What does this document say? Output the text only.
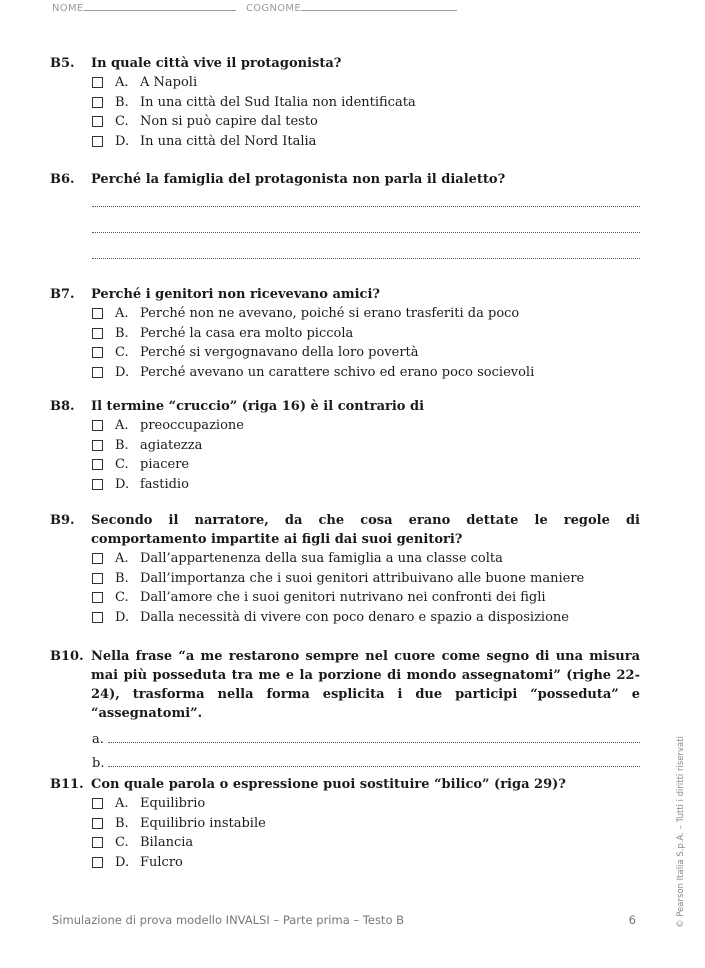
NOME	COGNOME
B5.	In quale città vive il protagonista?
A. A Napoli
B. In una città del Sud Italia non identificata
C. Non si può capire dal testo
D. In una città del Nord Italia
B6.	Perché la famiglia del protagonista non parla il dialetto?
B7.	Perché i genitori non ricevevano amici?
A. Perché non ne avevano, poiché si erano trasferiti da poco
B. Perché la casa era molto piccola
C. Perché si vergognavano della loro povertà
D. Perché avevano un carattere schivo ed erano poco socievoli
B8.	Il termine “cruccio” (riga 16) è il contrario di
A. preoccupazione
B. agiatezza
C. piacere
D. fastidio
B9.	Secondo il narratore, da che cosa erano dettate le regole di comportamento impartite ai figli dai suoi genitori?
A. Dall’appartenenza della sua famiglia a una classe colta
B. Dall’importanza che i suoi genitori attribuivano alle buone maniere
C. Dall’amore che i suoi genitori nutrivano nei confronti dei figli
D. Dalla necessità di vivere con poco denaro e spazio a disposizione
B10. Nella frase “a me restarono sempre nel cuore come segno di una misura mai più posseduta tra me e la porzione di mondo assegnatomi” (righe 22-24), trasforma nella forma esplicita i due participi “posseduta” e “assegnatomi”.
a.
b.
B11. Con quale parola o espressione puoi sostituire “bilico” (riga 29)?
A. Equilibrio
B. Equilibrio instabile
C. Bilancia
D. Fulcro
Simulazione di prova modello INVALSI – Parte prima – Testo B	6	© Pearson Italia S.p.A. – Tutti i diritti riservati
